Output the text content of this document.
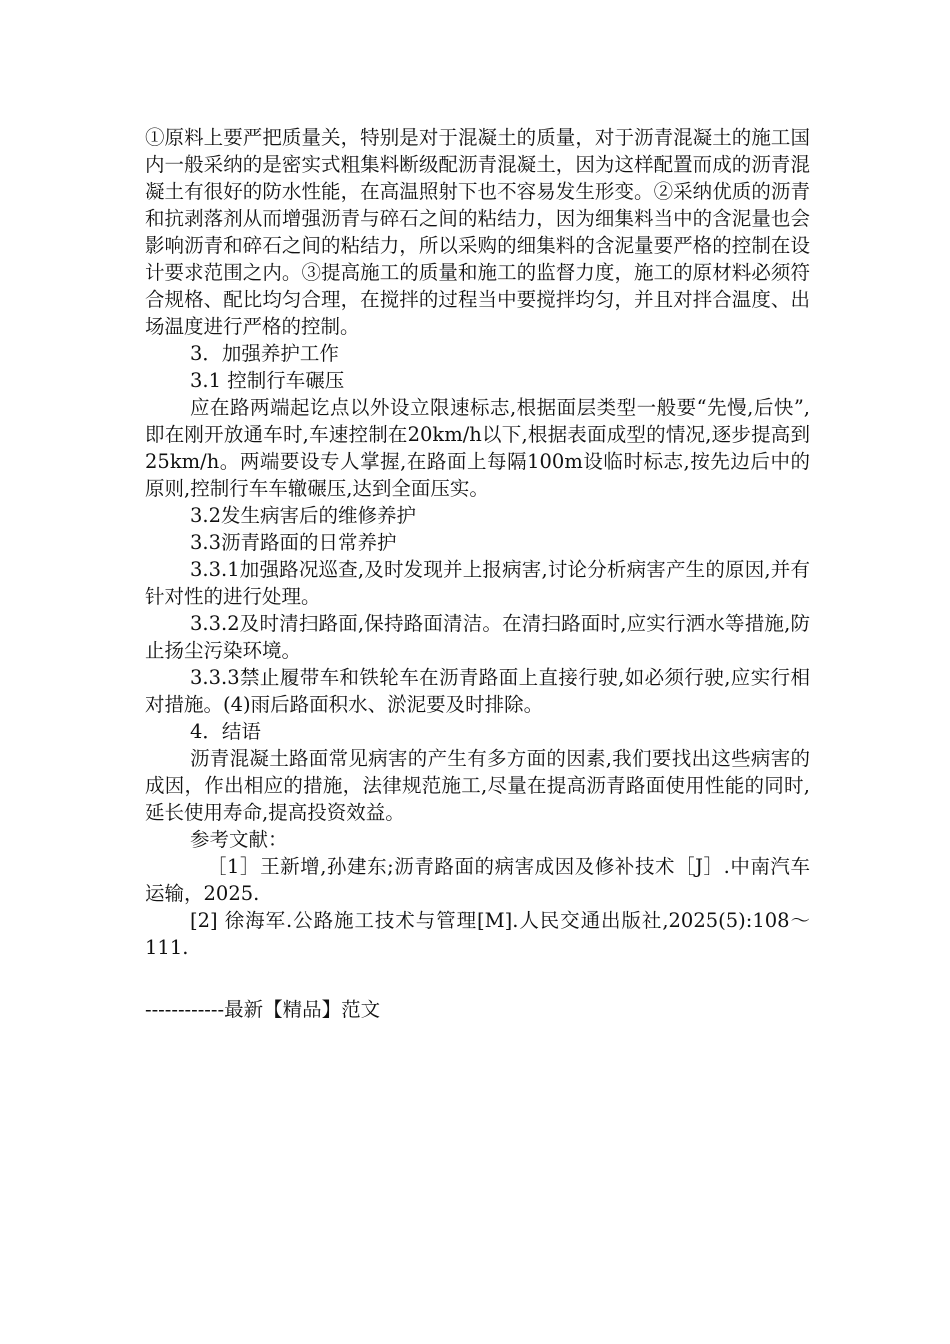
①原料上要严把质量关，特别是对于混凝土的质量，对于沥青混凝土的施工国内一般采纳的是密实式粗集料断级配沥青混凝土，因为这样配置而成的沥青混凝土有很好的防水性能，在高温照射下也不容易发生形变。②采纳优质的沥青和抗剥落剂从而增强沥青与碎石之间的粘结力，因为细集料当中的含泥量也会影响沥青和碎石之间的粘结力，所以采购的细集料的含泥量要严格的控制在设计要求范围之内。③提高施工的质量和施工的监督力度，施工的原材料必须符合规格、配比均匀合理，在搅拌的过程当中要搅拌均匀，并且对拌合温度、出场温度进行严格的控制。

3．加强养护工作

3.1 控制行车碾压

应在路两端起讫点以外设立限速标志,根据面层类型一般要“先慢,后快”,即在刚开放通车时,车速控制在20km/h以下,根据表面成型的情况,逐步提高到25km/h。两端要设专人掌握,在路面上每隔100m设临时标志,按先边后中的原则,控制行车车辙碾压,达到全面压实。

3.2发生病害后的维修养护

3.3沥青路面的日常养护

3.3.1加强路况巡查,及时发现并上报病害,讨论分析病害产生的原因,并有针对性的进行处理。

3.3.2及时清扫路面,保持路面清洁。在清扫路面时,应实行洒水等措施,防止扬尘污染环境。

3.3.3禁止履带车和铁轮车在沥青路面上直接行驶,如必须行驶,应实行相对措施。(4)雨后路面积水、淤泥要及时排除。

4．结语

沥青混凝土路面常见病害的产生有多方面的因素,我们要找出这些病害的成因，作出相应的措施，法律规范施工,尽量在提高沥青路面使用性能的同时,延长使用寿命,提高投资效益。

参考文献：

［1］王新增,孙建东;沥青路面的病害成因及修补技术［J］.中南汽车运输，2025.

[2] 徐海军.公路施工技术与管理[M].人民交通出版社,2025(5):108～111.

------------最新【精品】范文
